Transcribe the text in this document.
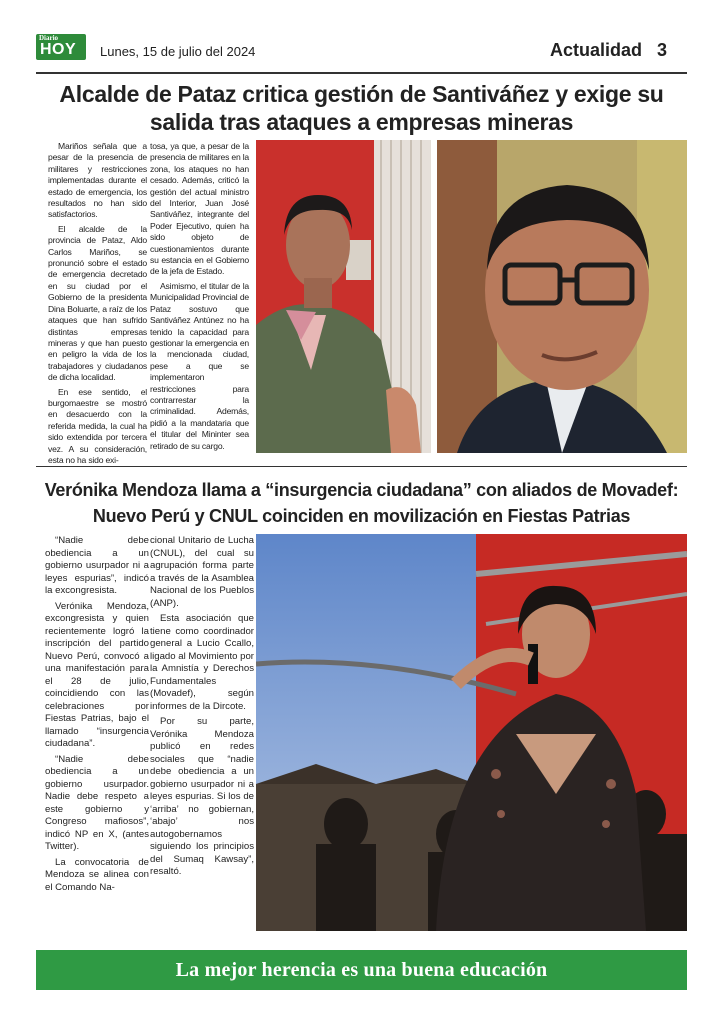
Diario
HOY Lunes, 15 de julio del 2024	Actualidad 3
Alcalde de Pataz critica gestión de Santiváñez y exige su
salida tras ataques a empresas mineras

Mariños señala que a pesar de la presencia de militares y restricciones implementadas durante el estado de emergencia, los resultados no han sido satisfactorios.

El alcalde de la provincia de Pataz, Aldo Carlos Mariños, se pronunció sobre el estado de emergencia decretado en su ciudad por el Gobierno de la presidenta Dina Boluarte, a raíz de los ataques que han sufrido distintas empresas mineras y que han puesto en peligro la vida de los trabajadores y ciudadanos de dicha localidad.

En ese sentido, el burgomaestre se mostró en desacuerdo con la referida medida, la cual ha sido extendida por tercera vez. A su consideración, esta no ha sido exi-

tosa, ya que, a pesar de la presencia de militares en la zona, los ataques no han cesado. Además, criticó la gestión del actual ministro del Interior, Juan José Santiváñez, integrante del Poder Ejecutivo, quien ha sido objeto de cuestionamientos durante su estancia en el Gobierno de la jefa de Estado.

Asimismo, el titular de la Municipalidad Provincial de Pataz sostuvo que Santiváñez Antúnez no ha tenido la capacidad para gestionar la emergencia en la mencionada ciudad, pese a que se implementaron restricciones para contrarrestar la criminalidad. Además, pidió a la mandataria que el titular del Mininter sea retirado de su cargo.

Verónika Mendoza llama a “insurgencia ciudadana” con aliados de Movadef:
Nuevo Perú y CNUL coinciden en movilización en Fiestas Patrias

“Nadie debe obediencia a un gobierno usurpador ni a leyes espurias”, indicó la excongresista.

Verónika Mendoza, excongresista y quien recientemente logró la inscripción del partido Nuevo Perú, convocó a una manifestación para el 28 de julio, coincidiendo con las celebraciones por Fiestas Patrias, bajo el llamado “insurgencia ciudadana”.

“Nadie debe obediencia a un gobierno usurpador. Nadie debe respeto a este gobierno y Congreso mafiosos”, indicó NP en X, (antes Twitter).

La convocatoria de Mendoza se alinea con el Comando Na-

cional Unitario de Lucha (CNUL), del cual su agrupación forma parte a través de la Asamblea Nacional de los Pueblos (ANP).

Esta asociación que tiene como coordinador general a Lucio Ccallo, ligado al Movimiento por la Amnistía y Derechos Fundamentales (Movadef), según informes de la Dircote.

Por su parte, Verónika Mendoza publicó en redes sociales que “nadie debe obediencia a un gobierno usurpador ni a leyes espurias. Si los de ‘arriba’ no gobiernan, ‘abajo’ nos autogobernamos siguiendo los principios del Sumaq Kawsay”, resaltó.

La mejor herencia es una buena educación
